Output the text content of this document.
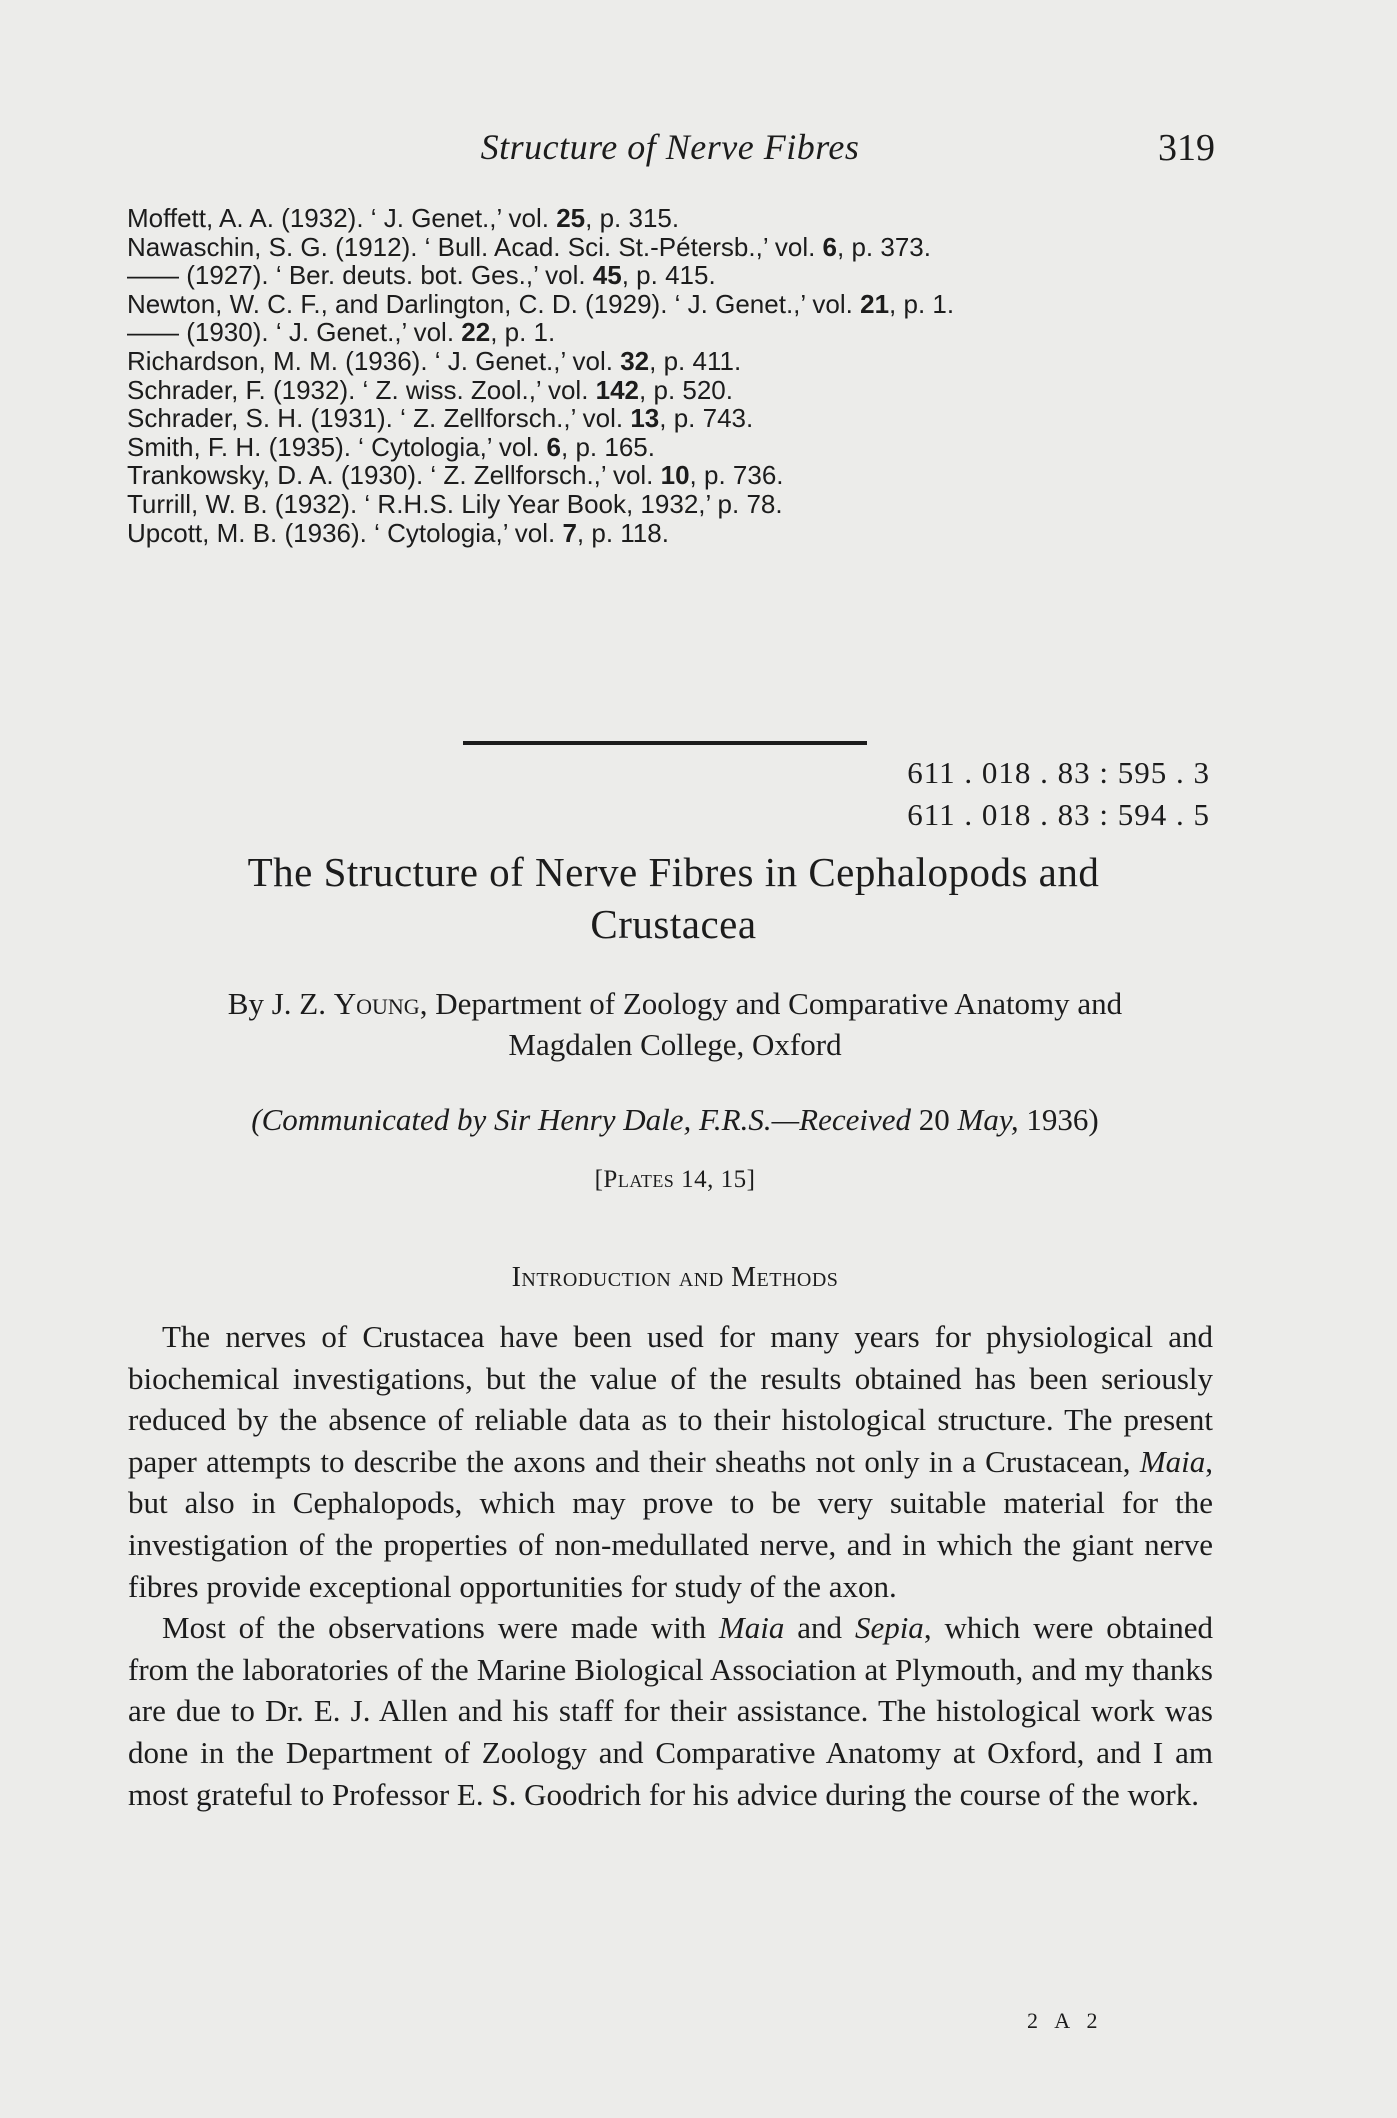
Structure of Nerve Fibres	319
Moffett, A. A. (1932). ‘ J. Genet.,’ vol. 25, p. 315.
Nawaschin, S. G. (1912). ‘ Bull. Acad. Sci. St.-Pétersb.,’ vol. 6, p. 373.
—— (1927). ‘ Ber. deuts. bot. Ges.,’ vol. 45, p. 415.
Newton, W. C. F., and Darlington, C. D. (1929). ‘ J. Genet.,’ vol. 21, p. 1.
—— (1930). ‘ J. Genet.,’ vol. 22, p. 1.
Richardson, M. M. (1936). ‘ J. Genet.,’ vol. 32, p. 411.
Schrader, F. (1932). ‘ Z. wiss. Zool.,’ vol. 142, p. 520.
Schrader, S. H. (1931). ‘ Z. Zellforsch.,’ vol. 13, p. 743.
Smith, F. H. (1935). ‘ Cytologia,’ vol. 6, p. 165.
Trankowsky, D. A. (1930). ‘ Z. Zellforsch.,’ vol. 10, p. 736.
Turrill, W. B. (1932). ‘ R.H.S. Lily Year Book, 1932,’ p. 78.
Upcott, M. B. (1936). ‘ Cytologia,’ vol. 7, p. 118.
611 . 018 . 83 : 595 . 3
611 . 018 . 83 : 594 . 5
The Structure of Nerve Fibres in Cephalopods and
Crustacea
By J. Z. Young, Department of Zoology and Comparative Anatomy and
Magdalen College, Oxford
(Communicated by Sir Henry Dale, F.R.S.—Received 20 May, 1936)
[Plates 14, 15]
Introduction and Methods

The nerves of Crustacea have been used for many years for physiological and biochemical investigations, but the value of the results obtained has been seriously reduced by the absence of reliable data as to their histological structure. The present paper attempts to describe the axons and their sheaths not only in a Crustacean, Maia, but also in Cephalopods, which may prove to be very suitable material for the investigation of the properties of non-medullated nerve, and in which the giant nerve fibres provide exceptional opportunities for study of the axon.

Most of the observations were made with Maia and Sepia, which were obtained from the laboratories of the Marine Biological Association at Plymouth, and my thanks are due to Dr. E. J. Allen and his staff for their assistance. The histological work was done in the Department of Zoology and Comparative Anatomy at Oxford, and I am most grateful to Professor E. S. Goodrich for his advice during the course of the work.

2 A 2
